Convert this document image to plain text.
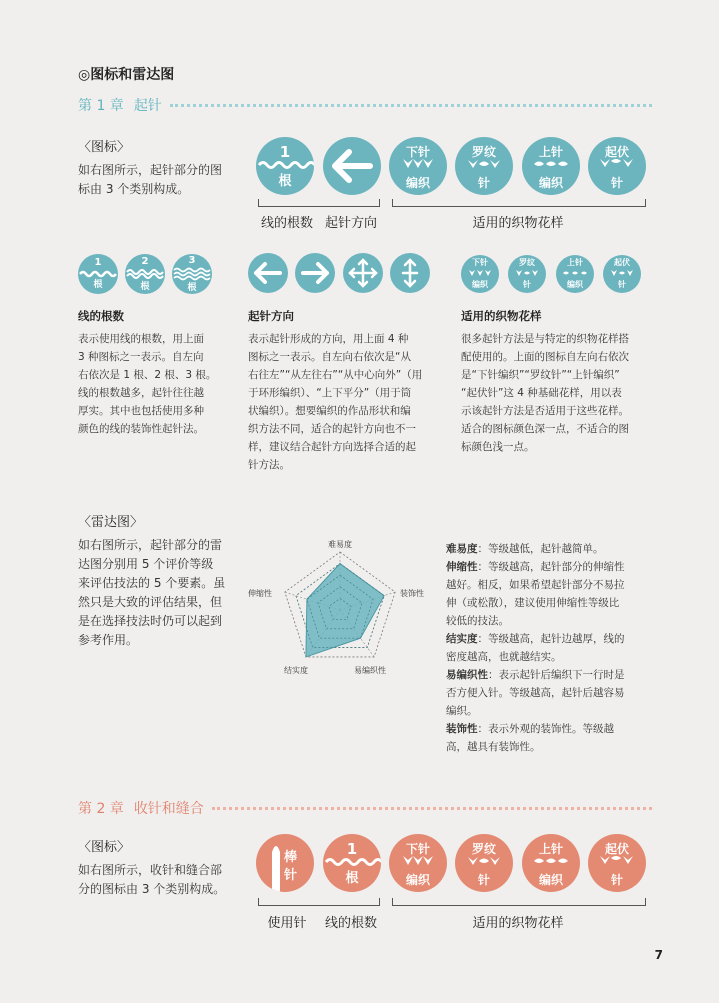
◎图标和雷达图
第 1 章 起针
〈图标〉
如右图所示，起针部分的图
标由 3 个类别构成。
1
根
下针
编织
罗纹
针
上针
编织
起伏
针
线的根数 起针方向	适用的织物花样
1
根
2
根
3
根
下针
编织
罗纹
针
上针
编织
起伏
针
线的根数
表示使用线的根数，用上面
3 种图标之一表示。自左向
右依次是 1 根、2 根、3 根。
线的根数越多，起针往往越
厚实。其中也包括使用多种
颜色的线的装饰性起针法。
起针方向
表示起针形成的方向，用上面 4 种
图标之一表示。自左向右依次是“从
右往左”“从左往右”“从中心向外”（用
于环形编织）、“上下平分”（用于筒
状编织）。想要编织的作品形状和编
织方法不同，适合的起针方向也不一
样，建议结合起针方向选择合适的起
针方法。
适用的织物花样
很多起针方法是与特定的织物花样搭
配使用的。上面的图标自左向右依次
是“下针编织”“罗纹针”“上针编织”
“起伏针”这 4 种基础花样，用以表
示该起针方法是否适用于这些花样。
适合的图标颜色深一点，不适合的图
标颜色浅一点。
〈雷达图〉
如右图所示，起针部分的雷
达图分别用 5 个评价等级
来评估技法的 5 个要素。虽
然只是大致的评估结果，但
是在选择技法时仍可以起到
参考作用。
难易度
装饰性
易编织性
结实度
伸缩性
难易度：等级越低，起针越简单。
伸缩性：等级越高，起针部分的伸缩性
越好。相反，如果希望起针部分不易拉
伸（或松散），建议使用伸缩性等级比
较低的技法。
结实度：等级越高，起针边越厚，线的
密度越高，也就越结实。
易编织性：表示起针后编织下一行时是
否方便入针。等级越高，起针后越容易
编织。
装饰性：表示外观的装饰性。等级越
高，越具有装饰性。
第 2 章 收针和缝合
〈图标〉
如右图所示，收针和缝合部
分的图标由 3 个类别构成。
棒
针
1
根
下针
编织
罗纹
针
上针
编织
起伏
针
使用针	线的根数	适用的织物花样
7
